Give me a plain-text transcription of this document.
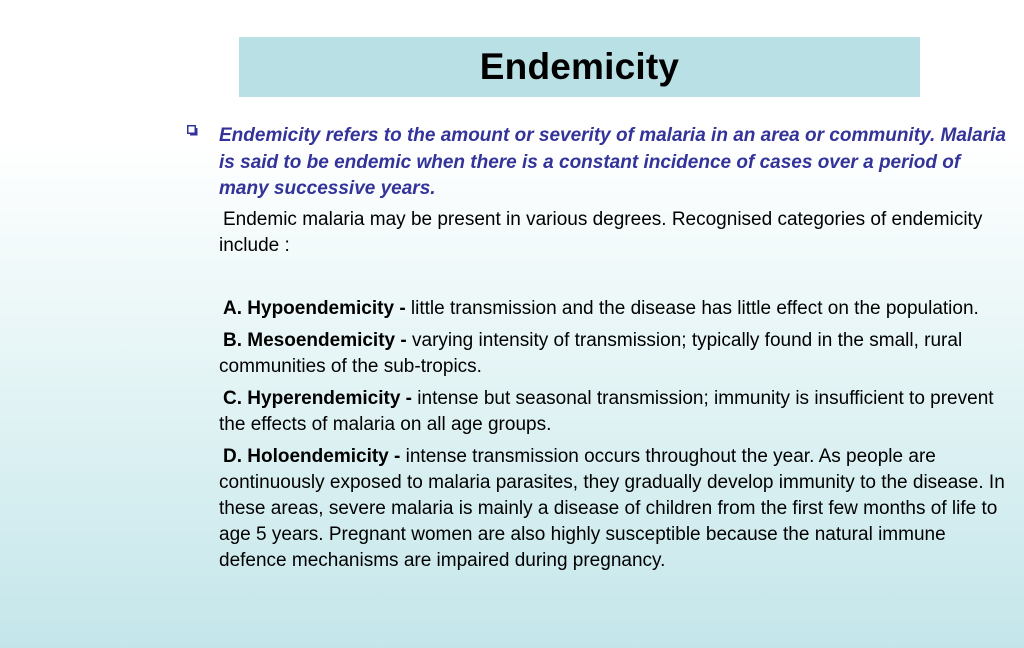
Endemicity

Endemicity refers to the amount or severity of malaria in an area or community. Malaria is said to be endemic when there is a constant incidence of cases over a period of many successive years.

Endemic malaria may be present in various degrees. Recognised categories of endemicity include :

A. Hypoendemicity - little transmission and the disease has little effect on the population.

B. Mesoendemicity - varying intensity of transmission; typically found in the small, rural communities of the sub-tropics.

C. Hyperendemicity - intense but seasonal transmission; immunity is insufficient to prevent the effects of malaria on all age groups.

D. Holoendemicity - intense transmission occurs throughout the year. As people are continuously exposed to malaria parasites, they gradually develop immunity to the disease. In these areas, severe malaria is mainly a disease of children from the first few months of life to age 5 years. Pregnant women are also highly susceptible because the natural immune defence mechanisms are impaired during pregnancy.
